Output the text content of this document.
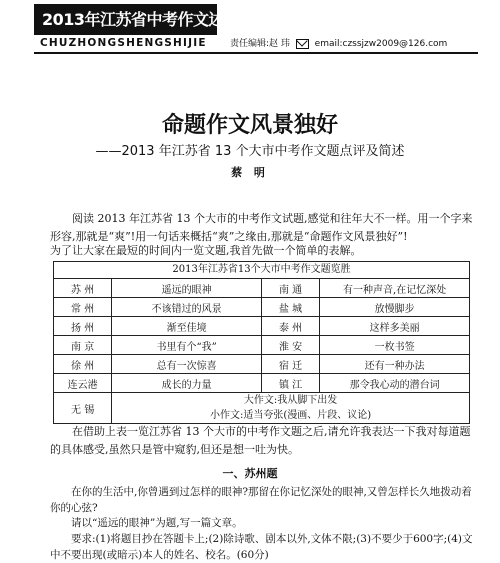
2013年江苏省中考作文述评
CHUZHONGSHENGSHIJIE	责任编辑:赵 玮	email:czssjzw2009@126.com
命题作文风景独好
——2013 年江苏省 13 个大市中考作文题点评及简述
蔡 明
阅读 2013 年江苏省 13 个大市的中考作文试题,感觉和往年大不一样。用一个字来形容,那就是“爽”!用一句话来概括“爽”之缘由,那就是“命题作文风景独好”!
为了让大家在最短的时间内一览文题,我首先做一个简单的表解。
2013年江苏省13个大市中考作文题览胜
苏 州	遥远的眼神	南 通	有一种声音,在记忆深处
常 州	不该错过的风景	盐 城	放慢脚步
扬 州	渐至佳境	泰 州	这样多美丽
南 京	书里有个“我”	淮 安	一枚书签
徐 州	总有一次惊喜	宿 迁	还有一种办法
连云港	成长的力量	镇 江	那令我心动的潜台词
无 锡	大作文:我从脚下出发
小作文:适当夸张(漫画、片段、议论)		
在借助上表一览江苏省 13 个大市的中考作文题之后,请允许我表达一下我对每道题的具体感受,虽然只是管中窥豹,但还是想一吐为快。
一、苏州题
在你的生活中,你曾遇到过怎样的眼神?那留在你记忆深处的眼神,又曾怎样长久地拨动着你的心弦?
请以“遥远的眼神”为题,写一篇文章。
要求:(1)将题目抄在答题卡上;(2)除诗歌、剧本以外,文体不限;(3)不要少于600字;(4)文中不要出现(或暗示)本人的姓名、校名。(60分)
